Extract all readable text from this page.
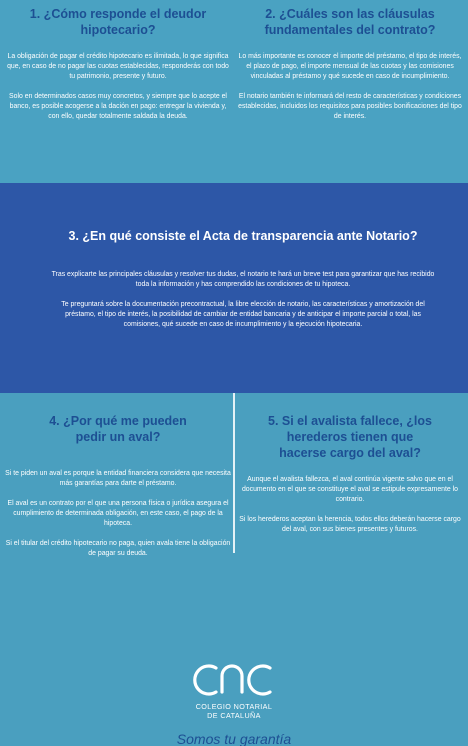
1. ¿Cómo responde el deudor hipotecario?

La obligación de pagar el crédito hipotecario es ilimitada, lo que significa que, en caso de no pagar las cuotas establecidas, responderás con todo tu patrimonio, presente y futuro.

Solo en determinados casos muy concretos, y siempre que lo acepte el banco, es posible acogerse a la dación en pago: entregar la vivienda y, con ello, quedar totalmente saldada la deuda.

2. ¿Cuáles son las cláusulas fundamentales del contrato?

Lo más importante es conocer el importe del préstamo, el tipo de interés, el plazo de pago, el importe mensual de las cuotas y las comisiones vinculadas al préstamo y qué sucede en caso de incumplimiento.

El notario también te informará del resto de características y condiciones establecidas, incluidos los requisitos para posibles bonificaciones del tipo de interés.

3. ¿En qué consiste el Acta de transparencia ante Notario?

Tras explicarte las principales cláusulas y resolver tus dudas, el notario te hará un breve test para garantizar que has recibido toda la información y has comprendido las condiciones de tu hipoteca.

Te preguntará sobre la documentación precontractual, la libre elección de notario, las características y amortización del préstamo, el tipo de interés, la posibilidad de cambiar de entidad bancaria y de anticipar el importe parcial o total, las comisiones, qué sucede en caso de incumplimiento y la ejecución hipotecaria.

4. ¿Por qué me pueden pedir un aval?

Si te piden un aval es porque la entidad financiera considera que necesita más garantías para darte el préstamo.

El aval es un contrato por el que una persona física o jurídica asegura el cumplimiento de determinada obligación, en este caso, el pago de la hipoteca.

Si el titular del crédito hipotecario no paga, quien avala tiene la obligación de pagar su deuda.

5. Si el avalista fallece, ¿los herederos tienen que hacerse cargo del aval?

Aunque el avalista fallezca, el aval continúa vigente salvo que en el documento en el que se constituye el aval se estipule expresamente lo contrario.

Si los herederos aceptan la herencia, todos ellos deberán hacerse cargo del aval, con sus bienes presentes y futuros.

COLEGIO NOTARIAL
DE CATALUÑA
Somos tu garantía
